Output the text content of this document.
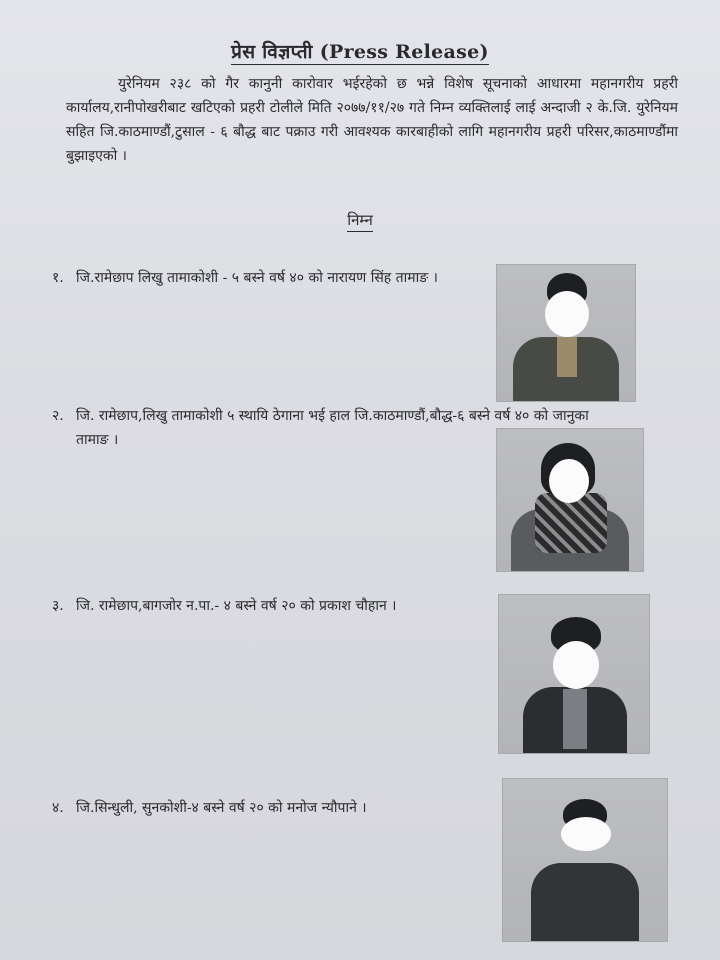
प्रेस विज्ञप्ती (Press Release)
युरेनियम २३८ को गैर कानुनी कारोवार भईरहेको छ भन्ने विशेष सूचनाको आधारमा महानगरीय प्रहरी कार्यालय,रानीपोखरीबाट खटिएको प्रहरी टोलीले मिति २०७७/११/२७ गते निम्न व्यक्तिलाई लाई अन्दाजी २ के.जि. युरेनियम सहित जि.काठमाण्डौं,टुसाल - ६ बौद्ध बाट पक्राउ गरी आवश्यक कारबाहीको लागि महानगरीय प्रहरी परिसर,काठमाण्डौंमा बुझाइएको ।
निम्न
१. जि.रामेछाप लिखु तामाकोशी - ५ बस्ने वर्ष ४० को नारायण सिंह तामाङ ।
२. जि. रामेछाप,लिखु तामाकोशी ५ स्थायि ठेगाना भई हाल जि.काठमाण्डौं,बौद्ध-६ बस्ने वर्ष ४० को जानुका
तामाङ ।
३. जि. रामेछाप,बागजोर न.पा.- ४ बस्ने वर्ष २० को प्रकाश चौहान ।
४. जि.सिन्धुली, सुनकोशी-४ बस्ने वर्ष २० को मनोज न्यौपाने ।
